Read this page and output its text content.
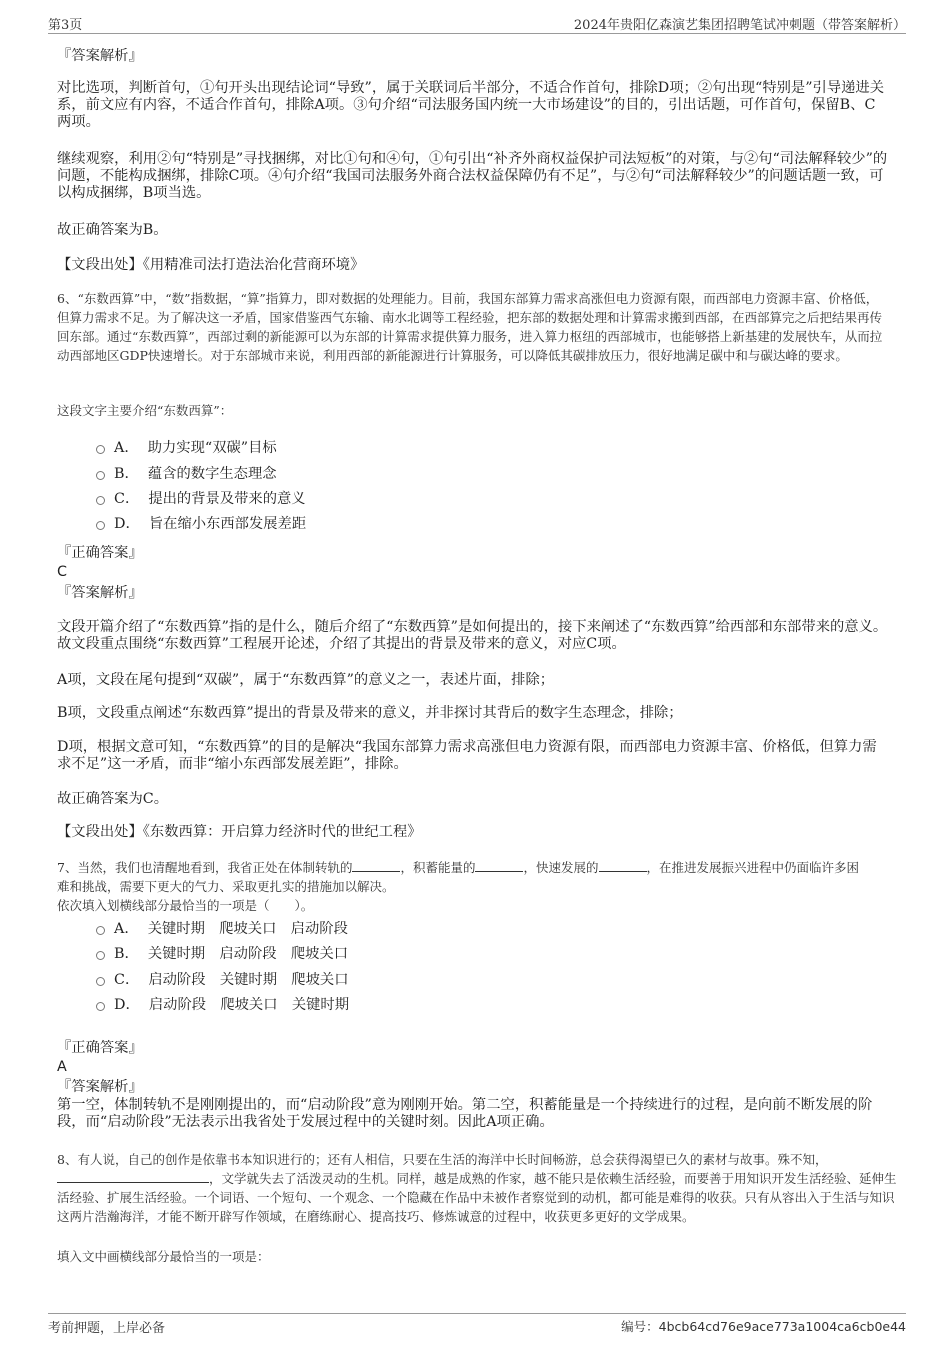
第3页	2024年贵阳亿森演艺集团招聘笔试冲刺题（带答案解析）
『答案解析』
对比选项，判断首句，①句开头出现结论词“导致”，属于关联词后半部分，不适合作首句，排除D项；②句出现“特别是”引导递进关系，前文应有内容，不适合作首句，排除A项。③句介绍“司法服务国内统一大市场建设”的目的，引出话题，可作首句，保留B、C两项。
继续观察，利用②句“特别是”寻找捆绑，对比①句和④句，①句引出“补齐外商权益保护司法短板”的对策，与②句“司法解释较少”的问题，不能构成捆绑，排除C项。④句介绍“我国司法服务外商合法权益保障仍有不足”，与②句“司法解释较少”的问题话题一致，可以构成捆绑，B项当选。
故正确答案为B。
【文段出处】《用精准司法打造法治化营商环境》
6、“东数西算”中，“数”指数据，“算”指算力，即对数据的处理能力。目前，我国东部算力需求高涨但电力资源有限，而西部电力资源丰富、价格低，但算力需求不足。为了解决这一矛盾，国家借鉴西气东输、南水北调等工程经验，把东部的数据处理和计算需求搬到西部，在西部算完之后把结果再传回东部。通过“东数西算”，西部过剩的新能源可以为东部的计算需求提供算力服务，进入算力枢纽的西部城市，也能够搭上新基建的发展快车，从而拉动西部地区GDP快速增长。对于东部城市来说，利用西部的新能源进行计算服务，可以降低其碳排放压力，很好地满足碳中和与碳达峰的要求。
这段文字主要介绍“东数西算”：
A． 助力实现“双碳”目标
B． 蕴含的数字生态理念
C． 提出的背景及带来的意义
D． 旨在缩小东西部发展差距
『正确答案』
C
『答案解析』
文段开篇介绍了“东数西算”指的是什么，随后介绍了“东数西算”是如何提出的，接下来阐述了“东数西算”给西部和东部带来的意义。故文段重点围绕“东数西算”工程展开论述，介绍了其提出的背景及带来的意义，对应C项。
A项，文段在尾句提到“双碳”，属于“东数西算”的意义之一，表述片面，排除；
B项，文段重点阐述“东数西算”提出的背景及带来的意义，并非探讨其背后的数字生态理念，排除；
D项，根据文意可知，“东数西算”的目的是解决“我国东部算力需求高涨但电力资源有限，而西部电力资源丰富、价格低，但算力需求不足”这一矛盾，而非“缩小东西部发展差距”，排除。
故正确答案为C。
【文段出处】《东数西算：开启算力经济时代的世纪工程》
7、当然，我们也清醒地看到，我省正处在体制转轨的	，积蓄能量的	，快速发展的	，在推进发展振兴进程中仍面临许多困
难和挑战，需要下更大的气力、采取更扎实的措施加以解决。
依次填入划横线部分最恰当的一项是（　　）。
A． 关键时期　爬坡关口　启动阶段
B． 关键时期　启动阶段　爬坡关口
C． 启动阶段　关键时期　爬坡关口
D． 启动阶段　爬坡关口　关键时期
『正确答案』
A
『答案解析』
第一空，体制转轨不是刚刚提出的，而“启动阶段”意为刚刚开始。第二空，积蓄能量是一个持续进行的过程，是向前不断发展的阶段，而“启动阶段”无法表示出我省处于发展过程中的关键时刻。因此A项正确。
8、有人说，自己的创作是依靠书本知识进行的；还有人相信，只要在生活的海洋中长时间畅游，总会获得渴望已久的素材与故事。殊不知，，文学就失去了活泼灵动的生机。同样，越是成熟的作家，越不能只是依赖生活经验，而要善于用知识开发生活经验、延伸生活经验、扩展生活经验。一个词语、一个短句、一个观念、一个隐藏在作品中未被作者察觉到的动机，都可能是难得的收获。只有从容出入于生活与知识这两片浩瀚海洋，才能不断开辟写作领域，在磨练耐心、提高技巧、修炼诚意的过程中，收获更多更好的文学成果。
填入文中画横线部分最恰当的一项是：
考前押题，上岸必备	编号：4bcb64cd76e9ace773a1004ca6cb0e44
